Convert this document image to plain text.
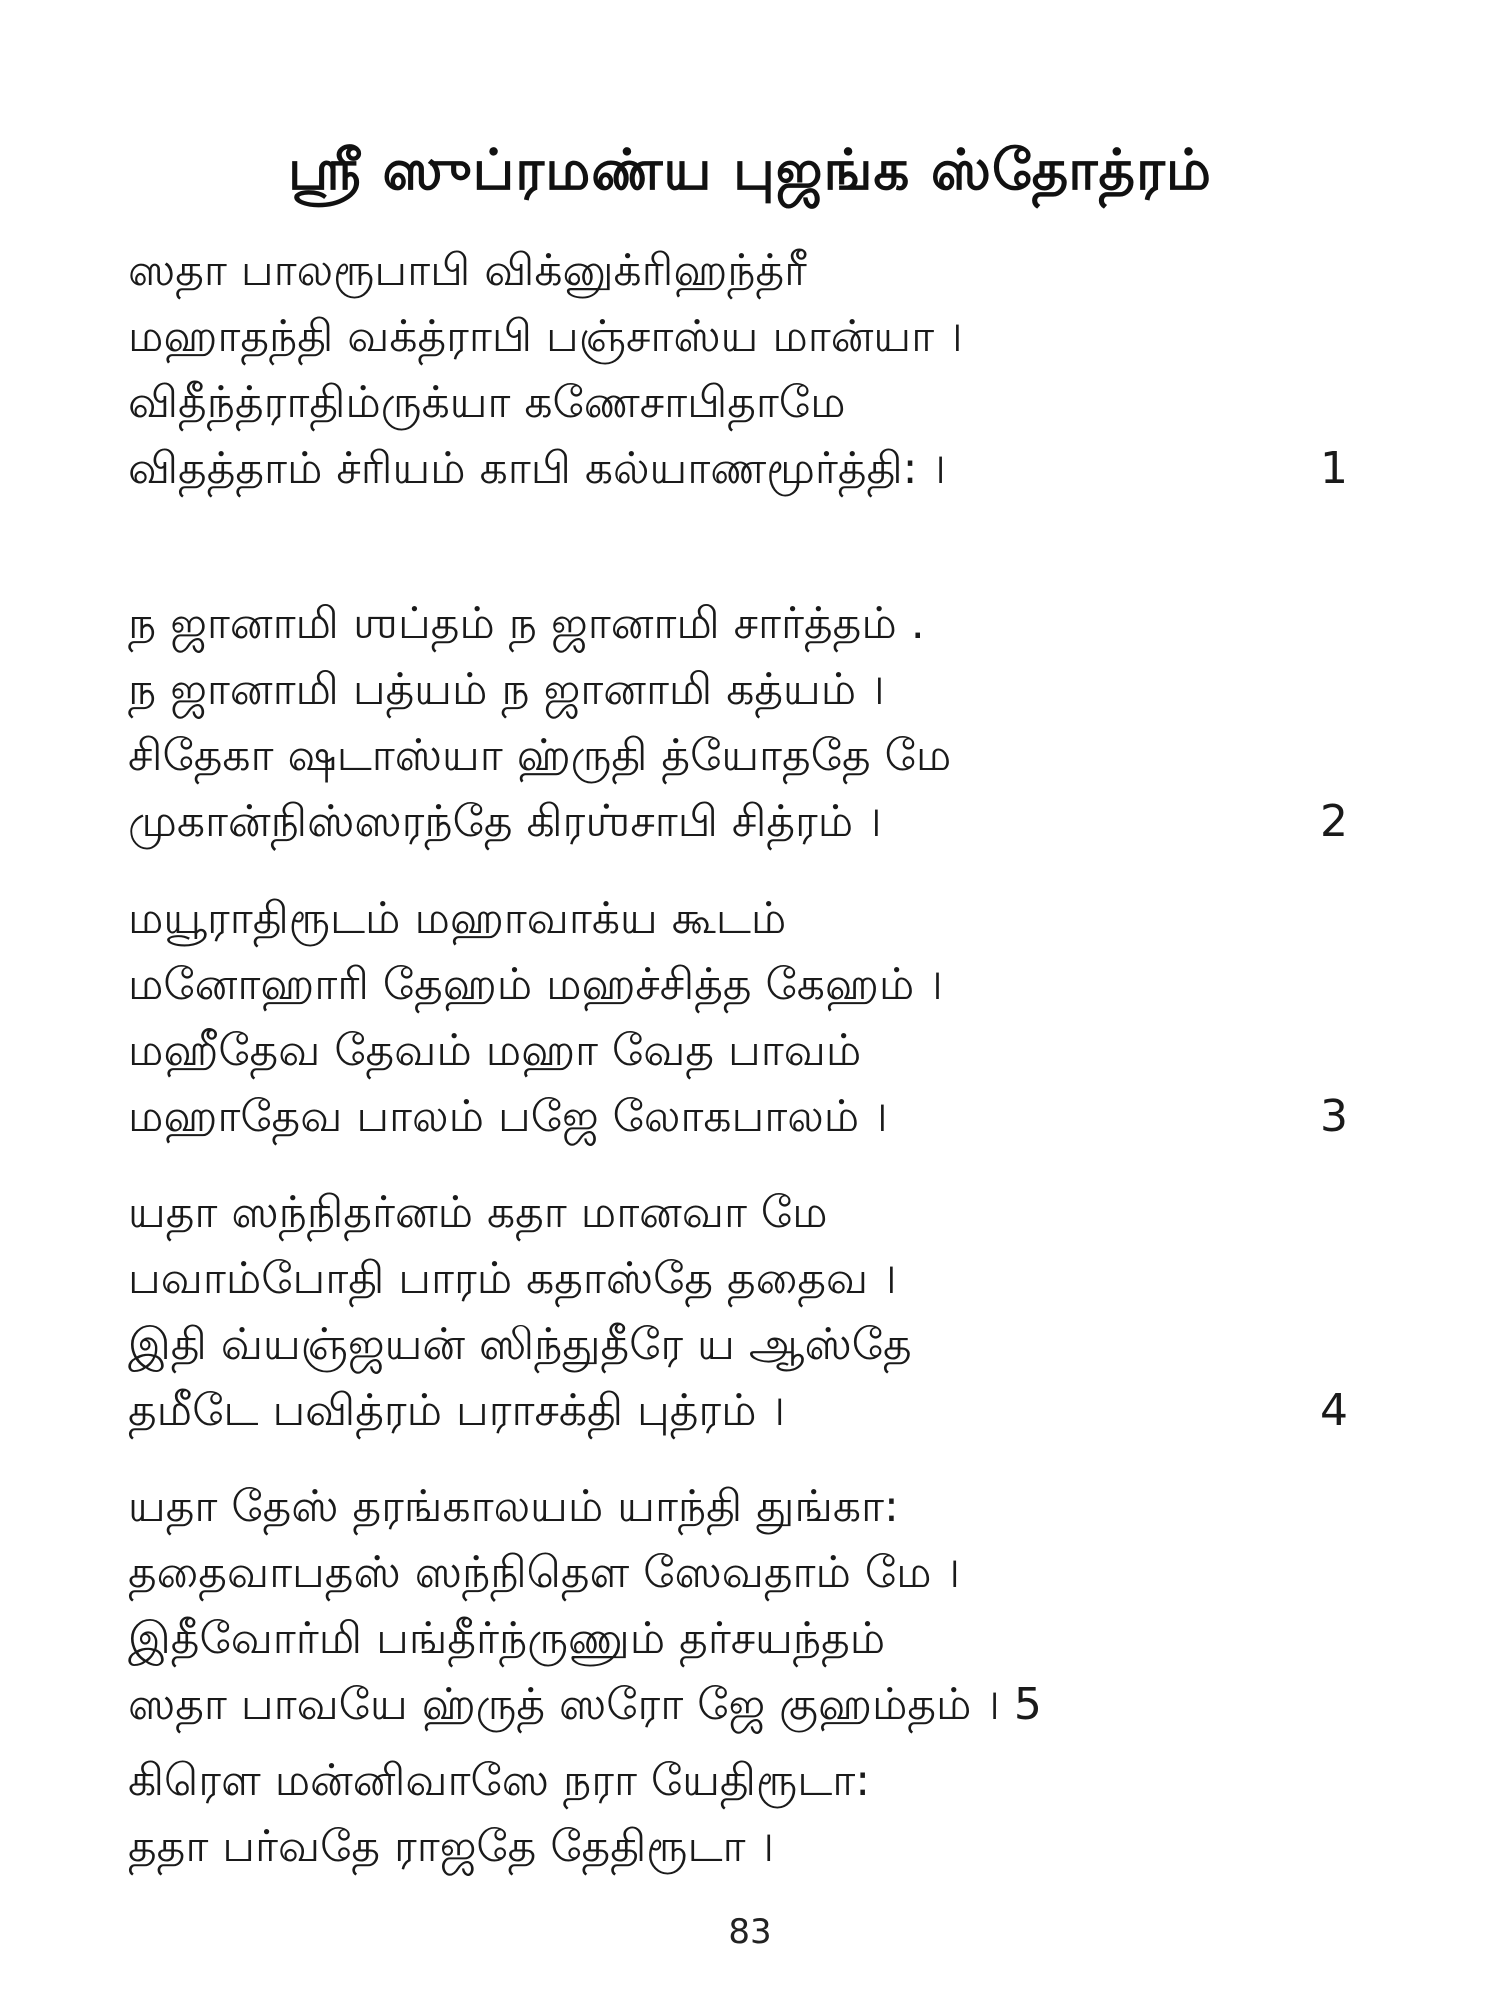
ஸ்ரீ ஸுப்ரமண்ய புஜங்க ஸ்தோத்ரம்
ஸதா பாலரூபாபி விக்னுக்ரிஹந்த்ரீ
மஹாதந்தி வக்த்ராபி பஞ்சாஸ்ய மான்யா ।
விதீந்த்ராதிம்ருக்யா கணேசாபிதாமே
விதத்தாம் ச்ரியம் காபி கல்யாணமூர்த்தி: ।	1
ந ஜானாமி ஶப்தம் ந ஜானாமி சார்த்தம் .
ந ஜானாமி பத்யம் ந ஜானாமி கத்யம் ।
சிதேகா ஷடாஸ்யா ஹ்ருதி த்யோததே மே
முகான்நிஸ்ஸரந்தே கிரஶ்சாபி சித்ரம் ।	2
மயூராதிரூடம் மஹாவாக்ய கூடம்
மனோஹாரி தேஹம் மஹச்சித்த கேஹம் ।
மஹீதேவ தேவம் மஹா வேத பாவம்
மஹாதேவ பாலம் பஜே லோகபாலம் ।	3
யதா ஸந்நிதர்னம் கதா மானவா மே
பவாம்போதி பாரம் கதாஸ்தே ததைவ ।
இதி வ்யஞ்ஜயன் ஸிந்துதீரே ய ஆஸ்தே
தமீடே பவித்ரம் பராசக்தி புத்ரம் ।	4
யதா தேஸ் தரங்காலயம் யாந்தி துங்கா:
ததைவாபதஸ் ஸந்நிதௌ ஸேவதாம் மே ।
இதீவோர்மி பங்தீர்ந்ருணும் தர்சயந்தம்
ஸதா பாவயே ஹ்ருத் ஸரோ ஜே குஹம்தம் । 5
கிரௌ மன்னிவாஸே நரா யேதிரூடா:
ததா பர்வதே ராஜதே தேதிரூடா ।
83
